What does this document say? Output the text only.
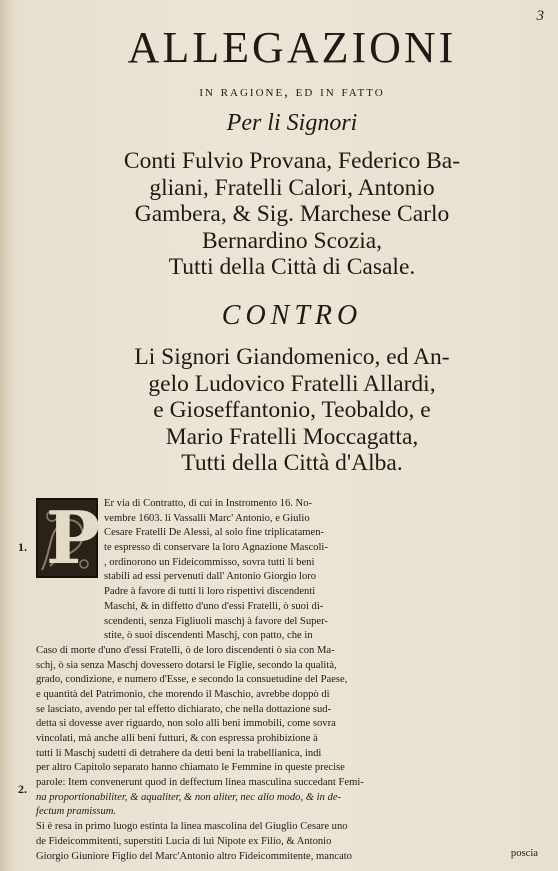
3
ALLEGAZIONI
in ragione, ed in fatto
Per li Signori
Conti Fulvio Provana, Federico Ba-
gliani, Fratelli Calori, Antonio
Gambera, & Sig. Marchese Carlo
Bernardino Scozia,
Tutti della Città di Casale.
CONTRO
Li Signori Giandomenico, ed An-
gelo Ludovico Fratelli Allardi,
e Gioseffantonio, Teobaldo, e
Mario Fratelli Moccagatta,
Tutti della Città d'Alba.
1.
2.
Er via di Contratto, di cui in Instromento 16. No-
vembre 1603. li Vassalli Marc' Antonio, e Giulio
Cesare Fratelli De Alessi, al solo fine triplicatamen-
te espresso di conservare la loro Agnazione Mascoli-
, ordinorono un Fideicommisso, sovra tutti li beni
stabili ad essi pervenuti dall' Antonio Giorgio loro
Padre à favore di tutti li loro rispettivi discendenti
Maschi, & in diffetto d'uno d'essi Fratelli, ò suoi di-
scendenti, senza Figliuoli maschj à favore del Super-
stite, ò suoi discendenti Maschj, con patto, che in
Caso di morte d'uno d'essi Fratelli, ò de loro discendenti ò sia con Ma-
schj, ò sia senza Maschj dovessero dotarsi le Figlie, secondo la qualità,
grado, condizione, e numero d'Esse, e secondo la consuetudine del Paese,
e quantità del Patrimonio, che morendo il Maschio, avrebbe doppò di
se lasciato, avendo per tal effetto dichiarato, che nella dottazione sud-
detta si dovesse aver riguardo, non solo alli beni immobili, come sovra
vincolati, mà anche alli beni futturi, & con espressa prohibizione à
tutti li Maschj sudetti di detrahere da detti beni la trabellianica, indi
per altro Capitolo separato hanno chiamato le Femmine in queste precise
parole: Item convenerunt quod in deffectum linea masculina succedant Femi-
na proportionabiliter, & aqualiter, & non aliter, nec alio modo, & in de-
fectum pramissum.
Si è resa in primo luogo estinta la linea mascolina del Giuglio Cesare uno
de Fideicommitenti, superstiti Lucia di lui Nipote ex Filio, & Antonio
Giorgio Giuniore Figlio del Marc'Antonio altro Fideicommitente, mancato
P
poscia
